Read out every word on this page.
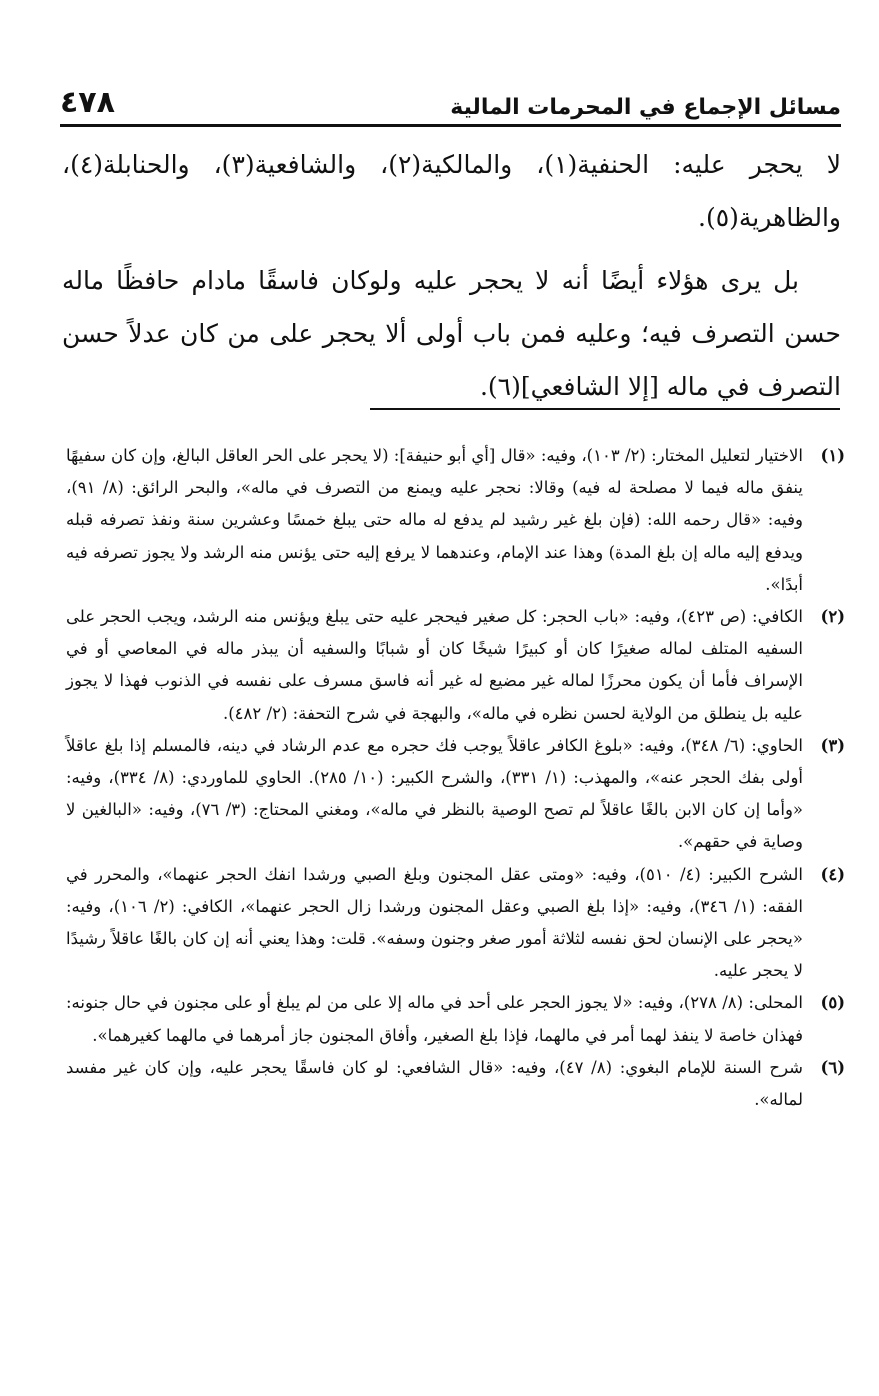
٤٧٨	مسائل الإجماع في المحرمات المالية

لا يحجر عليه: الحنفية(١)، والمالكية(٢)، والشافعية(٣)، والحنابلة(٤)، والظاهرية(٥).

بل يرى هؤلاء أيضًا أنه لا يحجر عليه ولوكان فاسقًا مادام حافظًا ماله حسن التصرف فيه؛ وعليه فمن باب أولى ألا يحجر على من كان عدلاً حسن التصرف في ماله [إلا الشافعي](٦).

(١)
الاختيار لتعليل المختار: (٢/ ١٠٣)، وفيه: «قال [أي أبو حنيفة]: (لا يحجر على الحر العاقل البالغ، وإن كان سفيهًا ينفق ماله فيما لا مصلحة له فيه) وقالا: نحجر عليه ويمنع من التصرف في ماله»، والبحر الرائق: (٨/ ٩١)، وفيه: «قال رحمه الله: (فإن بلغ غير رشيد لم يدفع له ماله حتى يبلغ خمسًا وعشرين سنة ونفذ تصرفه قبله ويدفع إليه ماله إن بلغ المدة) وهذا عند الإمام، وعندهما لا يرفع إليه حتى يؤنس منه الرشد ولا يجوز تصرفه فيه أبدًا».
(٢)
الكافي: (ص ٤٢٣)، وفيه: «باب الحجر: كل صغير فيحجر عليه حتى يبلغ ويؤنس منه الرشد، ويجب الحجر على السفيه المتلف لماله صغيرًا كان أو كبيرًا شيخًا كان أو شبابًا والسفيه أن يبذر ماله في المعاصي أو في الإسراف فأما أن يكون محرزًا لماله غير مضيع له غير أنه فاسق مسرف على نفسه في الذنوب فهذا لا يجوز عليه بل ينطلق من الولاية لحسن نظره في ماله»، والبهجة في شرح التحفة: (٢/ ٤٨٢).
(٣)
الحاوي: (٦/ ٣٤٨)، وفيه: «بلوغ الكافر عاقلاً يوجب فك حجره مع عدم الرشاد في دينه، فالمسلم إذا بلغ عاقلاً أولى بفك الحجر عنه»، والمهذب: (١/ ٣٣١)، والشرح الكبير: (١٠/ ٢٨٥). الحاوي للماوردي: (٨/ ٣٣٤)، وفيه: «وأما إن كان الابن بالغًا عاقلاً لم تصح الوصية بالنظر في ماله»، ومغني المحتاج: (٣/ ٧٦)، وفيه: «البالغين لا وصاية في حقهم».
(٤)
الشرح الكبير: (٤/ ٥١٠)، وفيه: «ومتى عقل المجنون وبلغ الصبي ورشدا انفك الحجر عنهما»، والمحرر في الفقه: (١/ ٣٤٦)، وفيه: «إذا بلغ الصبي وعقل المجنون ورشدا زال الحجر عنهما»، الكافي: (٢/ ١٠٦)، وفيه: «يحجر على الإنسان لحق نفسه لثلاثة أمور صغر وجنون وسفه». قلت: وهذا يعني أنه إن كان بالغًا عاقلاً رشيدًا لا يحجر عليه.
(٥)
المحلى: (٨/ ٢٧٨)، وفيه: «لا يجوز الحجر على أحد في ماله إلا على من لم يبلغ أو على مجنون في حال جنونه: فهذان خاصة لا ينفذ لهما أمر في مالهما، فإذا بلغ الصغير، وأفاق المجنون جاز أمرهما في مالهما كغيرهما».
(٦)
شرح السنة للإمام البغوي: (٨/ ٤٧)، وفيه: «قال الشافعي: لو كان فاسقًا يحجر عليه، وإن كان غير مفسد لماله».
